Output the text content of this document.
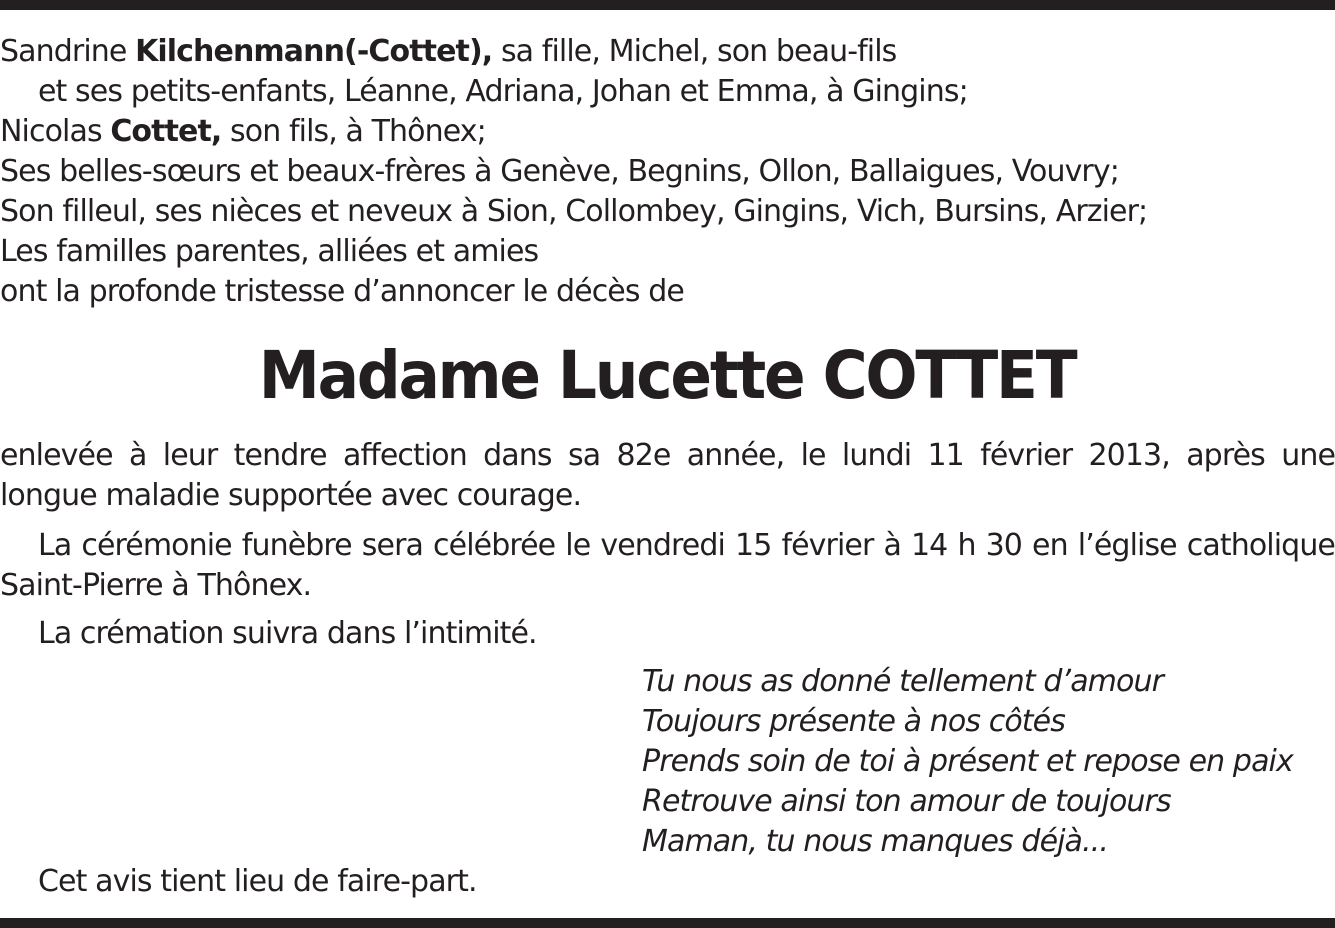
Sandrine Kilchenmann(-Cottet), sa fille, Michel, son beau-fils
et ses petits-enfants, Léanne, Adriana, Johan et Emma, à Gingins;
Nicolas Cottet, son fils, à Thônex;
Ses belles-sœurs et beaux-frères à Genève, Begnins, Ollon, Ballaigues, Vouvry;
Son filleul, ses nièces et neveux à Sion, Collombey, Gingins, Vich, Bursins, Arzier;
Les familles parentes, alliées et amies
ont la profonde tristesse d’annoncer le décès de
Madame Lucette COTTET
enlevée à leur tendre affection dans sa 82e année, le lundi 11 février 2013, après une
longue maladie supportée avec courage.
La cérémonie funèbre sera célébrée le vendredi 15 février à 14 h 30 en l’église catholique
Saint-Pierre à Thônex.
La crémation suivra dans l’intimité.
Tu nous as donné tellement d’amour
Toujours présente à nos côtés
Prends soin de toi à présent et repose en paix
Retrouve ainsi ton amour de toujours
Maman, tu nous manques déjà...
Cet avis tient lieu de faire-part.
